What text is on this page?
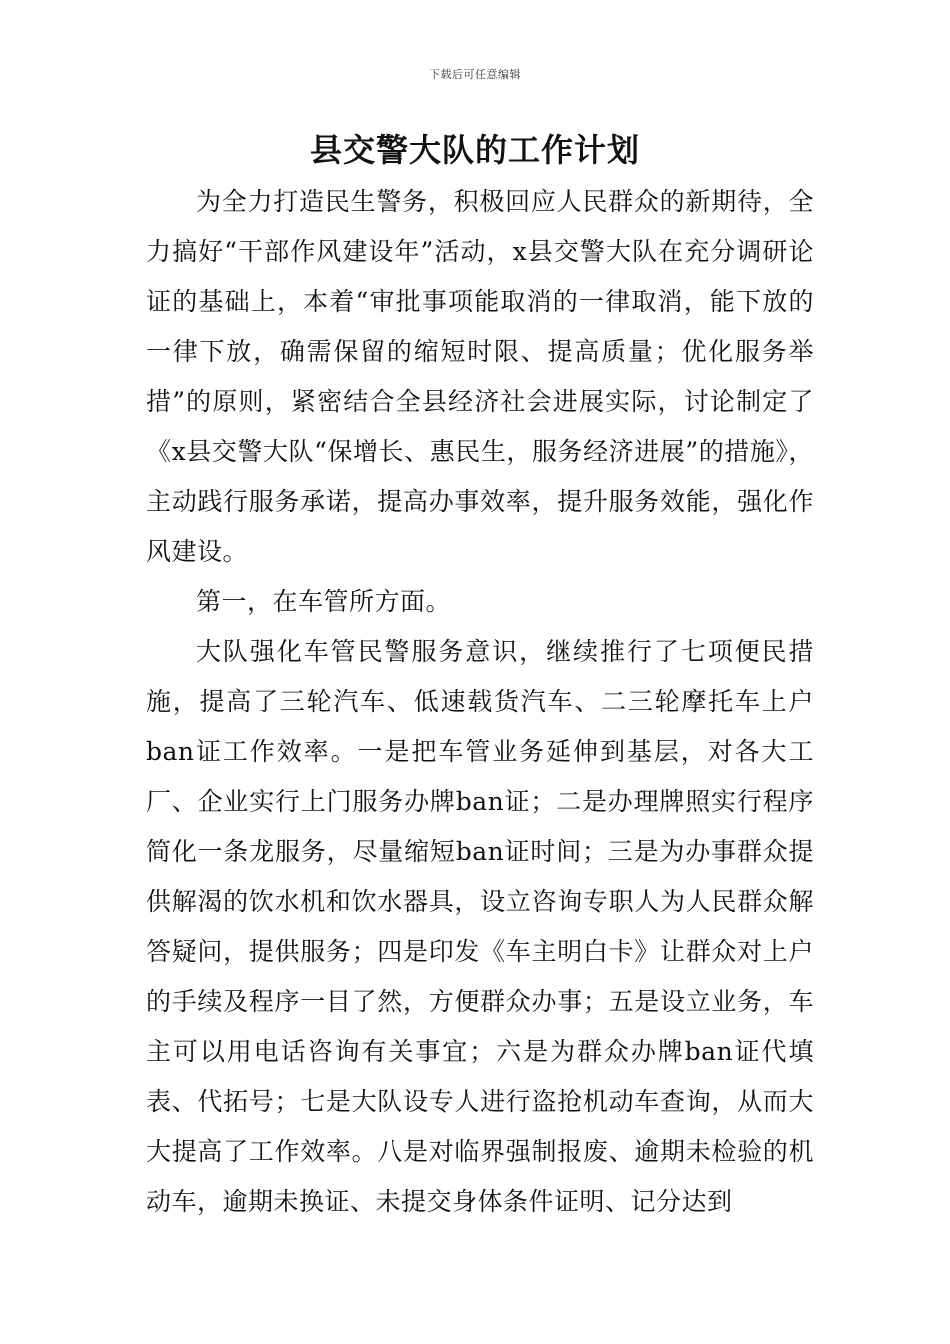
下载后可任意编辑
县交警大队的工作计划

为全力打造民生警务，积极回应人民群众的新期待，全力搞好“干部作风建设年”活动，x县交警大队在充分调研论证的基础上，本着“审批事项能取消的一律取消，能下放的一律下放，确需保留的缩短时限、提高质量；优化服务举措”的原则，紧密结合全县经济社会进展实际，讨论制定了《x县交警大队“保增长、惠民生，服务经济进展”的措施》，主动践行服务承诺，提高办事效率，提升服务效能，强化作风建设。

第一，在车管所方面。

大队强化车管民警服务意识，继续推行了七项便民措施，提高了三轮汽车、低速载货汽车、二三轮摩托车上户ban证工作效率。一是把车管业务延伸到基层，对各大工厂、企业实行上门服务办牌ban证；二是办理牌照实行程序简化一条龙服务，尽量缩短ban证时间；三是为办事群众提供解渴的饮水机和饮水器具，设立咨询专职人为人民群众解答疑问，提供服务；四是印发《车主明白卡》让群众对上户的手续及程序一目了然，方便群众办事；五是设立业务，车主可以用电话咨询有关事宜；六是为群众办牌ban证代填表、代拓号；七是大队设专人进行盗抢机动车查询，从而大大提高了工作效率。八是对临界强制报废、逾期未检验的机动车，逾期未换证、未提交身体条件证明、记分达到
